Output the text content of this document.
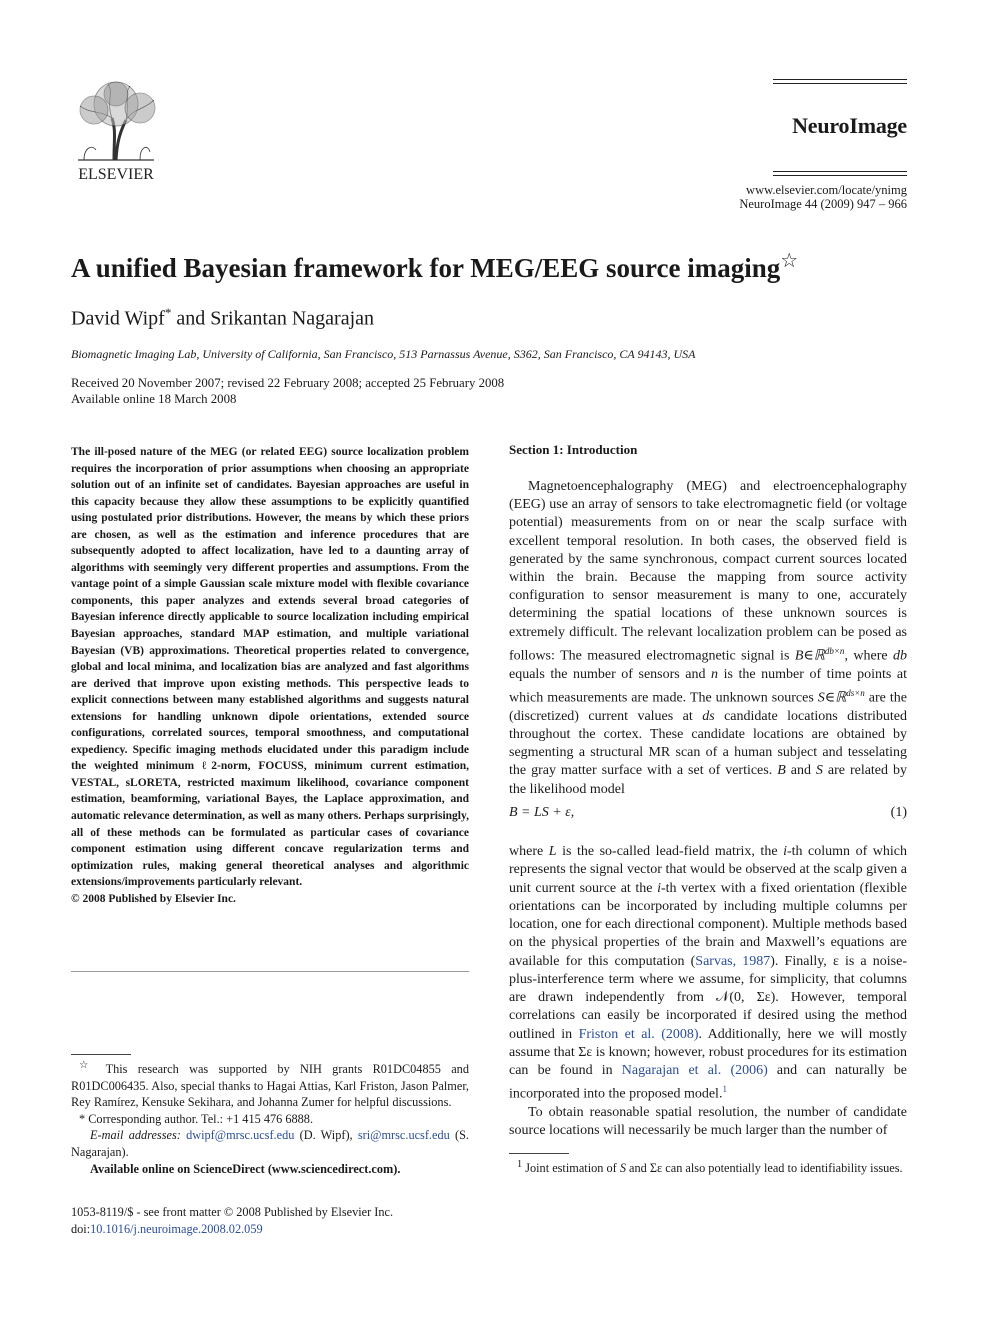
ELSEVIER
NeuroImage
www.elsevier.com/locate/ynimg
NeuroImage 44 (2009) 947 – 966
A unified Bayesian framework for MEG/EEG source imaging☆
David Wipf* and Srikantan Nagarajan
Biomagnetic Imaging Lab, University of California, San Francisco, 513 Parnassus Avenue, S362, San Francisco, CA 94143, USA
Received 20 November 2007; revised 22 February 2008; accepted 25 February 2008
Available online 18 March 2008
The ill-posed nature of the MEG (or related EEG) source localization problem requires the incorporation of prior assumptions when choosing an appropriate solution out of an infinite set of candidates. Bayesian approaches are useful in this capacity because they allow these assumptions to be explicitly quantified using postulated prior distributions. However, the means by which these priors are chosen, as well as the estimation and inference procedures that are subsequently adopted to affect localization, have led to a daunting array of algorithms with seemingly very different properties and assumptions. From the vantage point of a simple Gaussian scale mixture model with flexible covariance components, this paper analyzes and extends several broad categories of Bayesian inference directly applicable to source localization including empirical Bayesian approaches, standard MAP estimation, and multiple variational Bayesian (VB) approximations. Theoretical properties related to convergence, global and local minima, and localization bias are analyzed and fast algorithms are derived that improve upon existing methods. This perspective leads to explicit connections between many established algorithms and suggests natural extensions for handling unknown dipole orientations, extended source configurations, correlated sources, temporal smoothness, and computational expediency. Specific imaging methods elucidated under this paradigm include the weighted minimum ℓ2-norm, FOCUSS, minimum current estimation, VESTAL, sLORETA, restricted maximum likelihood, covariance component estimation, beamforming, variational Bayes, the Laplace approximation, and automatic relevance determination, as well as many others. Perhaps surprisingly, all of these methods can be formulated as particular cases of covariance component estimation using different concave regularization terms and optimization rules, making general theoretical analyses and algorithmic extensions/improvements particularly relevant.
© 2008 Published by Elsevier Inc.

☆ This research was supported by NIH grants R01DC04855 and R01DC006435. Also, special thanks to Hagai Attias, Karl Friston, Jason Palmer, Rey Ramírez, Kensuke Sekihara, and Johanna Zumer for helpful discussions.

* Corresponding author. Tel.: +1 415 476 6888.

E-mail addresses: dwipf@mrsc.ucsf.edu (D. Wipf), sri@mrsc.ucsf.edu (S. Nagarajan).

Available online on ScienceDirect (www.sciencedirect.com).

1053-8119/$ - see front matter © 2008 Published by Elsevier Inc.
doi:10.1016/j.neuroimage.2008.02.059
Section 1: Introduction

Magnetoencephalography (MEG) and electroencephalography (EEG) use an array of sensors to take electromagnetic field (or voltage potential) measurements from on or near the scalp surface with excellent temporal resolution. In both cases, the observed field is generated by the same synchronous, compact current sources located within the brain. Because the mapping from source activity configuration to sensor measurement is many to one, accurately determining the spatial locations of these unknown sources is extremely difficult. The relevant localization problem can be posed as follows: The measured electromagnetic signal is B∈ℝ$^{db\times n}$, where db equals the number of sensors and n is the number of time points at which measurements are made. The unknown sources S∈ℝ$^{ds\times n}$ are the (discretized) current values at ds candidate locations distributed throughout the cortex. These candidate locations are obtained by segmenting a structural MR scan of a human subject and tesselating the gray matter surface with a set of vertices. B and S are related by the likelihood model

B = LS + ε,	(1)

where L is the so-called lead-field matrix, the i-th column of which represents the signal vector that would be observed at the scalp given a unit current source at the i-th vertex with a fixed orientation (flexible orientations can be incorporated by including multiple columns per location, one for each directional component). Multiple methods based on the physical properties of the brain and Maxwell’s equations are available for this computation (Sarvas, 1987). Finally, ε is a noise-plus-interference term where we assume, for simplicity, that columns are drawn independently from 𝒩(0, Σε). However, temporal correlations can easily be incorporated if desired using the method outlined in Friston et al. (2008). Additionally, here we will mostly assume that Σε is known; however, robust procedures for its estimation can be found in Nagarajan et al. (2006) and can naturally be incorporated into the proposed model.$^1$

To obtain reasonable spatial resolution, the number of candidate source locations will necessarily be much larger than the number of

$^1$ Joint estimation of S and Σε can also potentially lead to identifiability issues.
